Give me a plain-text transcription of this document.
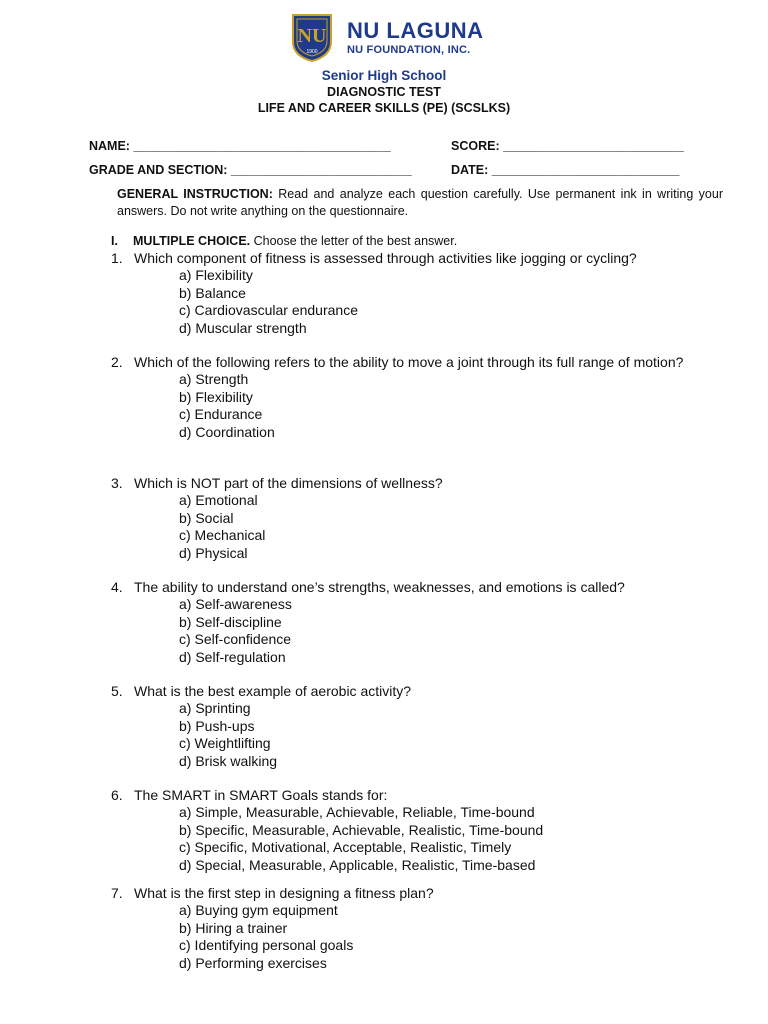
NU
1900
NU LAGUNA
NU FOUNDATION, INC.
Senior High School
DIAGNOSTIC TEST
LIFE AND CAREER SKILLS (PE) (SCSLKS)
NAME: _____________________________________	SCORE: __________________________
GRADE AND SECTION: __________________________	DATE: ___________________________
GENERAL INSTRUCTION: Read and analyze each question carefully. Use permanent ink in writing your answers. Do not write anything on the questionnaire.
I. MULTIPLE CHOICE. Choose the letter of the best answer.
1. Which component of fitness is assessed through activities like jogging or cycling?
a) Flexibility
b) Balance
c) Cardiovascular endurance
d) Muscular strength
2. Which of the following refers to the ability to move a joint through its full range of motion?
a) Strength
b) Flexibility
c) Endurance
d) Coordination
3. Which is NOT part of the dimensions of wellness?
a) Emotional
b) Social
c) Mechanical
d) Physical
4. The ability to understand one’s strengths, weaknesses, and emotions is called?
a) Self-awareness
b) Self-discipline
c) Self-confidence
d) Self-regulation
5. What is the best example of aerobic activity?
a) Sprinting
b) Push-ups
c) Weightlifting
d) Brisk walking
6. The SMART in SMART Goals stands for:
a) Simple, Measurable, Achievable, Reliable, Time-bound
b) Specific, Measurable, Achievable, Realistic, Time-bound
c) Specific, Motivational, Acceptable, Realistic, Timely
d) Special, Measurable, Applicable, Realistic, Time-based
7. What is the first step in designing a fitness plan?
a) Buying gym equipment
b) Hiring a trainer
c) Identifying personal goals
d) Performing exercises
